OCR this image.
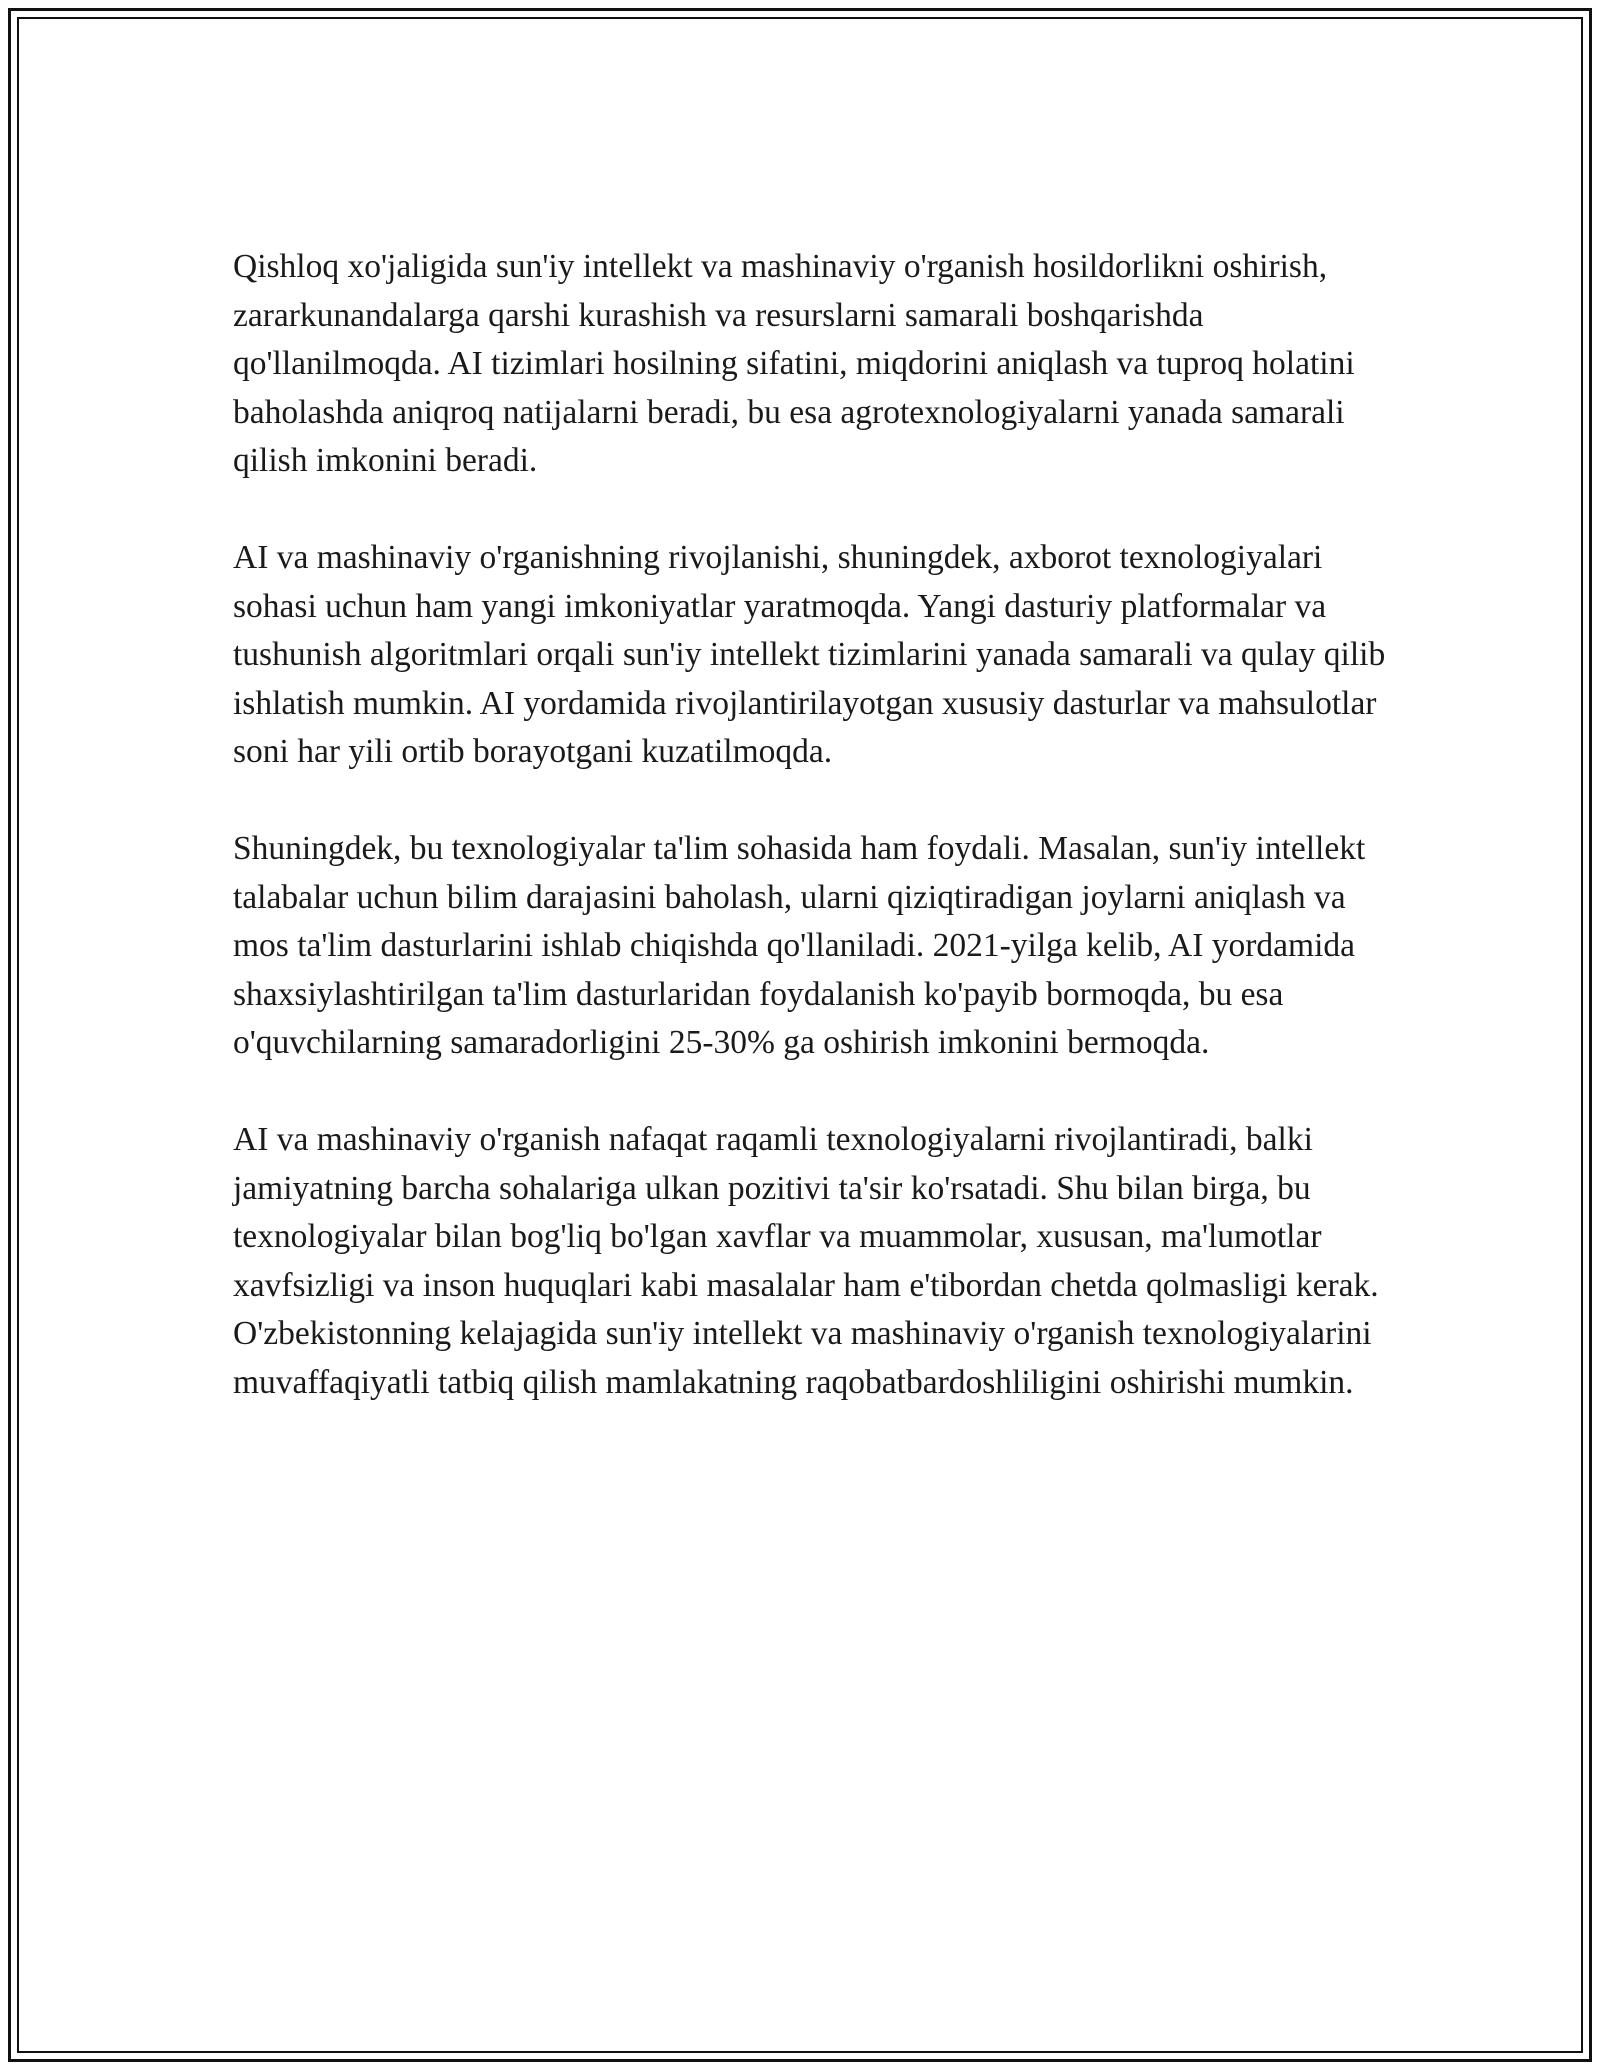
Qishloq xo'jaligida sun'iy intellekt va mashinaviy o'rganish hosildorlikni oshirish, zararkunandalarga qarshi kurashish va resurslarni samarali boshqarishda qo'llanilmoqda. AI tizimlari hosilning sifatini, miqdorini aniqlash va tuproq holatini baholashda aniqroq natijalarni beradi, bu esa agrotexnologiyalarni yanada samarali qilish imkonini beradi.

AI va mashinaviy o'rganishning rivojlanishi, shuningdek, axborot texnologiyalari sohasi uchun ham yangi imkoniyatlar yaratmoqda. Yangi dasturiy platformalar va tushunish algoritmlari orqali sun'iy intellekt tizimlarini yanada samarali va qulay qilib ishlatish mumkin. AI yordamida rivojlantirilayotgan xususiy dasturlar va mahsulotlar soni har yili ortib borayotgani kuzatilmoqda.

Shuningdek, bu texnologiyalar ta'lim sohasida ham foydali. Masalan, sun'iy intellekt talabalar uchun bilim darajasini baholash, ularni qiziqtiradigan joylarni aniqlash va mos ta'lim dasturlarini ishlab chiqishda qo'llaniladi. 2021-yilga kelib, AI yordamida shaxsiylashtirilgan ta'lim dasturlaridan foydalanish ko'payib bormoqda, bu esa o'quvchilarning samaradorligini 25-30% ga oshirish imkonini bermoqda.

AI va mashinaviy o'rganish nafaqat raqamli texnologiyalarni rivojlantiradi, balki jamiyatning barcha sohalariga ulkan pozitivi ta'sir ko'rsatadi. Shu bilan birga, bu texnologiyalar bilan bog'liq bo'lgan xavflar va muammolar, xususan, ma'lumotlar xavfsizligi va inson huquqlari kabi masalalar ham e'tibordan chetda qolmasligi kerak. O'zbekistonning kelajagida sun'iy intellekt va mashinaviy o'rganish texnologiyalarini muvaffaqiyatli tatbiq qilish mamlakatning raqobatbardoshliligini oshirishi mumkin.
